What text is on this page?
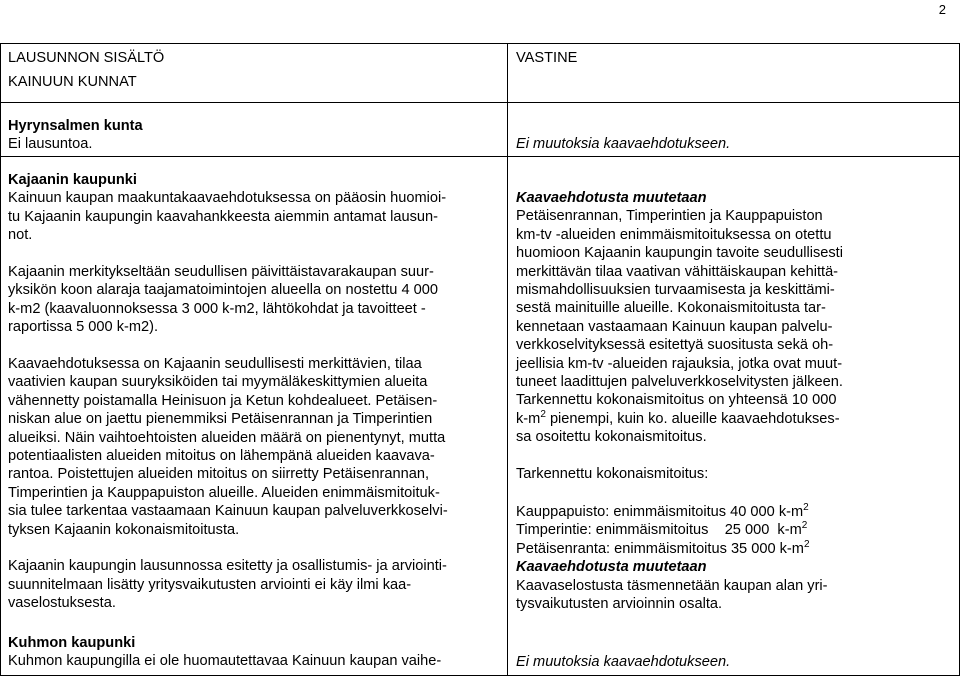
2
LAUSUNNON SISÄLTÖ
KAINUUN KUNNAT
VASTINE
Hyrynsalmen kunta
Ei lausuntoa.	Ei muutoksia kaavaehdotukseen.
Kajaanin kaupunki
Kainuun kaupan maakuntakaavaehdotuksessa on pääosin huomioi-
tu Kajaanin kaupungin kaavahankkeesta aiemmin antamat lausun-
not.
Kajaanin merkitykseltään seudullisen päivittäistavarakaupan suur-
yksikön koon alaraja taajamatoimintojen alueella on nostettu 4 000
k-m2 (kaavaluonnoksessa 3 000 k-m2, lähtökohdat ja tavoitteet -
raportissa 5 000 k-m2).
Kaavaehdotuksessa on Kajaanin seudullisesti merkittävien, tilaa
vaativien kaupan suuryksiköiden tai myymäläkeskittymien alueita
vähennetty poistamalla Heinisuon ja Ketun kohdealueet. Petäisen-
niskan alue on jaettu pienemmiksi Petäisenrannan ja Timperintien
alueiksi. Näin vaihtoehtoisten alueiden määrä on pienentynyt, mutta
potentiaalisten alueiden mitoitus on lähempänä alueiden kaavava-
rantoa. Poistettujen alueiden mitoitus on siirretty Petäisenrannan,
Timperintien ja Kauppapuiston alueille. Alueiden enimmäismitoituk-
sia tulee tarkentaa vastaamaan Kainuun kaupan palveluverkkoselvi-
tyksen Kajaanin kokonaismitoitusta.
Kajaanin kaupungin lausunnossa esitetty ja osallistumis- ja arviointi-
suunnitelmaan lisätty yritysvaikutusten arviointi ei käy ilmi kaa-
vaselostuksesta.
Kaavaehdotusta muutetaan
Petäisenrannan, Timperintien ja Kauppapuiston
km-tv -alueiden enimmäismitoituksessa on otettu
huomioon Kajaanin kaupungin tavoite seudullisesti
merkittävän tilaa vaativan vähittäiskaupan kehittä-
mismahdollisuuksien turvaamisesta ja keskittämi-
sestä mainituille alueille. Kokonaismitoitusta tar-
kennetaan vastaamaan Kainuun kaupan palvelu-
verkkoselvityksessä esitettyä suositusta sekä oh-
jeellisia km-tv -alueiden rajauksia, jotka ovat muut-
tuneet laadittujen palveluverkkoselvitysten jälkeen.
Tarkennettu kokonaismitoitus on yhteensä 10 000
$k-m^2$ pienempi, kuin ko. alueille kaavaehdotukses-
sa osoitettu kokonaismitoitus.
Tarkennettu kokonaismitoitus:
Kauppapuisto: enimmäismitoitus 40 000 $k-m^2$
Timperintie: enimmäismitoitus    25 000  $k-m^2$
Petäisenranta: enimmäismitoitus 35 000 $k-m^2$
Kaavaehdotusta muutetaan
Kaavaselostusta täsmennetään kaupan alan yri-
tysvaikutusten arvioinnin osalta.
Kuhmon kaupunki
Kuhmon kaupungilla ei ole huomautettavaa Kainuun kaupan vaihe-	Ei muutoksia kaavaehdotukseen.
